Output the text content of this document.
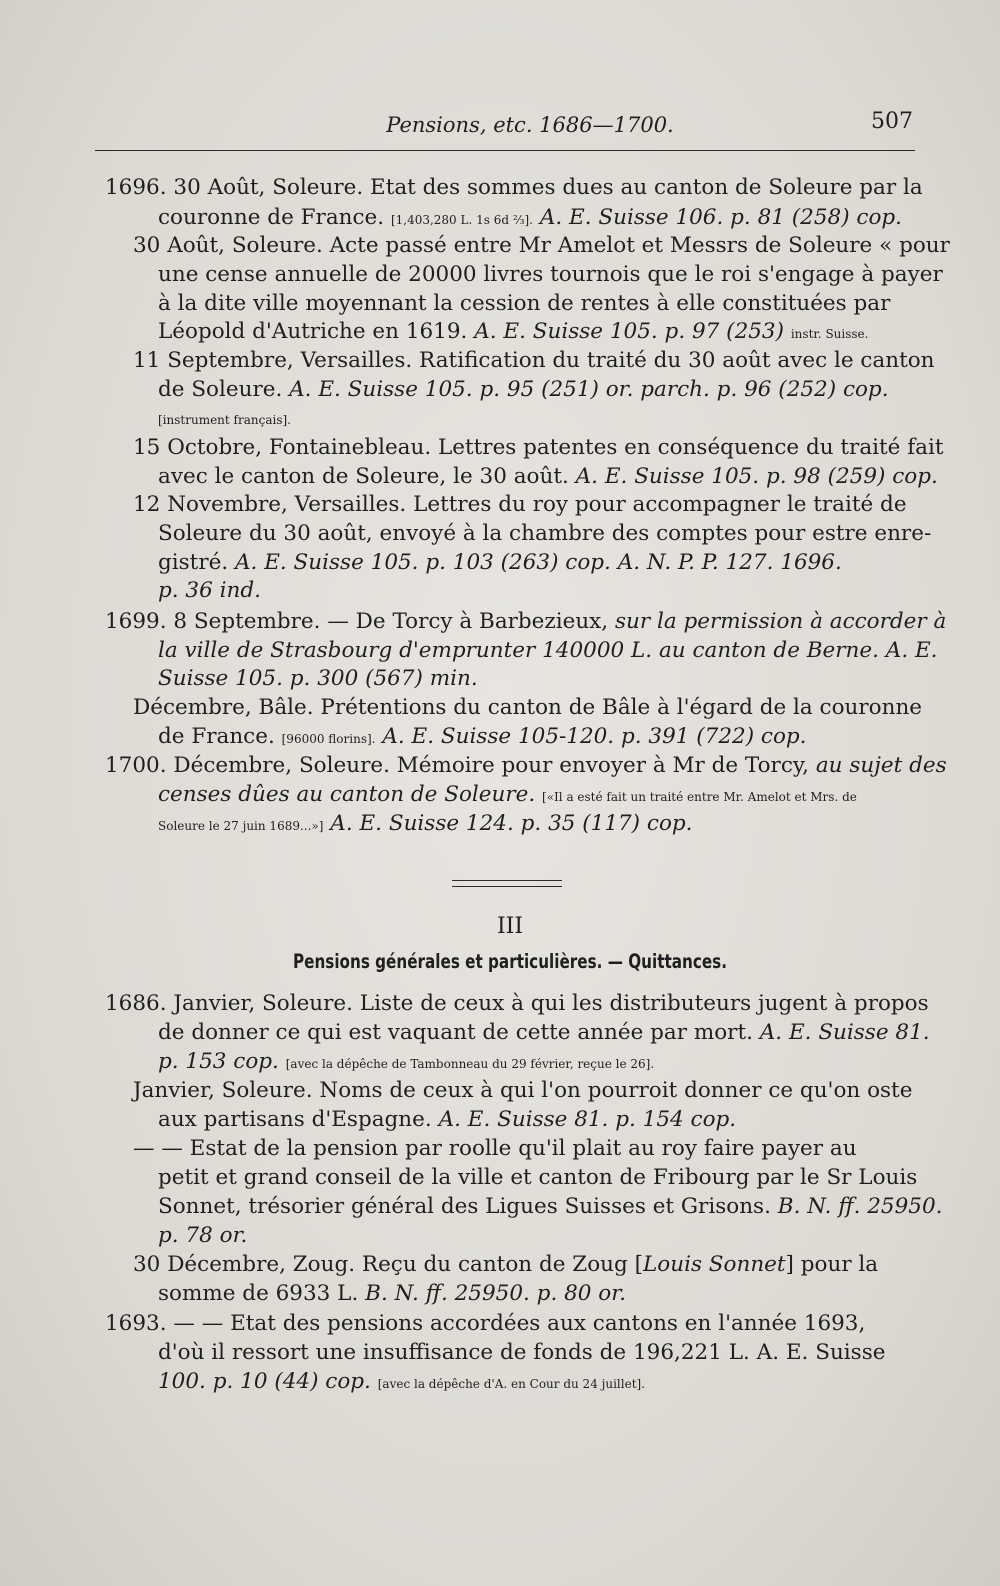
Pensions, etc. 1686—1700.	507
1696. 30 Août, Soleure. Etat des sommes dues au canton de Soleure par la
couronne de France. [1,403,280 L. 1s 6d ⅔]. A. E. Suisse 106. p. 81 (258) cop.
30 Août, Soleure. Acte passé entre Mr Amelot et Messrs de Soleure « pour
une cense annuelle de 20000 livres tournois que le roi s'engage à payer
à la dite ville moyennant la cession de rentes à elle constituées par
Léopold d'Autriche en 1619. A. E. Suisse 105. p. 97 (253) instr. Suisse.
11 Septembre, Versailles. Ratification du traité du 30 août avec le canton
de Soleure. A. E. Suisse 105. p. 95 (251) or. parch. p. 96 (252) cop.
[instrument français].
15 Octobre, Fontainebleau. Lettres patentes en conséquence du traité fait
avec le canton de Soleure, le 30 août. A. E. Suisse 105. p. 98 (259) cop.
12 Novembre, Versailles. Lettres du roy pour accompagner le traité de
Soleure du 30 août, envoyé à la chambre des comptes pour estre enre-
gistré. A. E. Suisse 105. p. 103 (263) cop. A. N. P. P. 127. 1696.
p. 36 ind.
1699. 8 Septembre. — De Torcy à Barbezieux, sur la permission à accorder à
la ville de Strasbourg d'emprunter 140000 L. au canton de Berne. A. E.
Suisse 105. p. 300 (567) min.
Décembre, Bâle. Prétentions du canton de Bâle à l'égard de la couronne
de France. [96000 florins]. A. E. Suisse 105-120. p. 391 (722) cop.
1700. Décembre, Soleure. Mémoire pour envoyer à Mr de Torcy, au sujet des
censes dûes au canton de Soleure. [«Il a esté fait un traité entre Mr. Amelot et Mrs. de
Soleure le 27 juin 1689...»] A. E. Suisse 124. p. 35 (117) cop.
III
Pensions générales et particulières. — Quittances.
1686. Janvier, Soleure. Liste de ceux à qui les distributeurs jugent à propos
de donner ce qui est vaquant de cette année par mort. A. E. Suisse 81.
p. 153 cop. [avec la dépêche de Tambonneau du 29 février, reçue le 26].
Janvier, Soleure. Noms de ceux à qui l'on pourroit donner ce qu'on oste
aux partisans d'Espagne. A. E. Suisse 81. p. 154 cop.
— — Estat de la pension par roolle qu'il plait au roy faire payer au
petit et grand conseil de la ville et canton de Fribourg par le Sr Louis
Sonnet, trésorier général des Ligues Suisses et Grisons. B. N. ff. 25950.
p. 78 or.
30 Décembre, Zoug. Reçu du canton de Zoug [Louis Sonnet] pour la
somme de 6933 L. B. N. ff. 25950. p. 80 or.
1693. — — Etat des pensions accordées aux cantons en l'année 1693,
d'où il ressort une insuffisance de fonds de 196,221 L. A. E. Suisse
100. p. 10 (44) cop. [avec la dépêche d'A. en Cour du 24 juillet].
